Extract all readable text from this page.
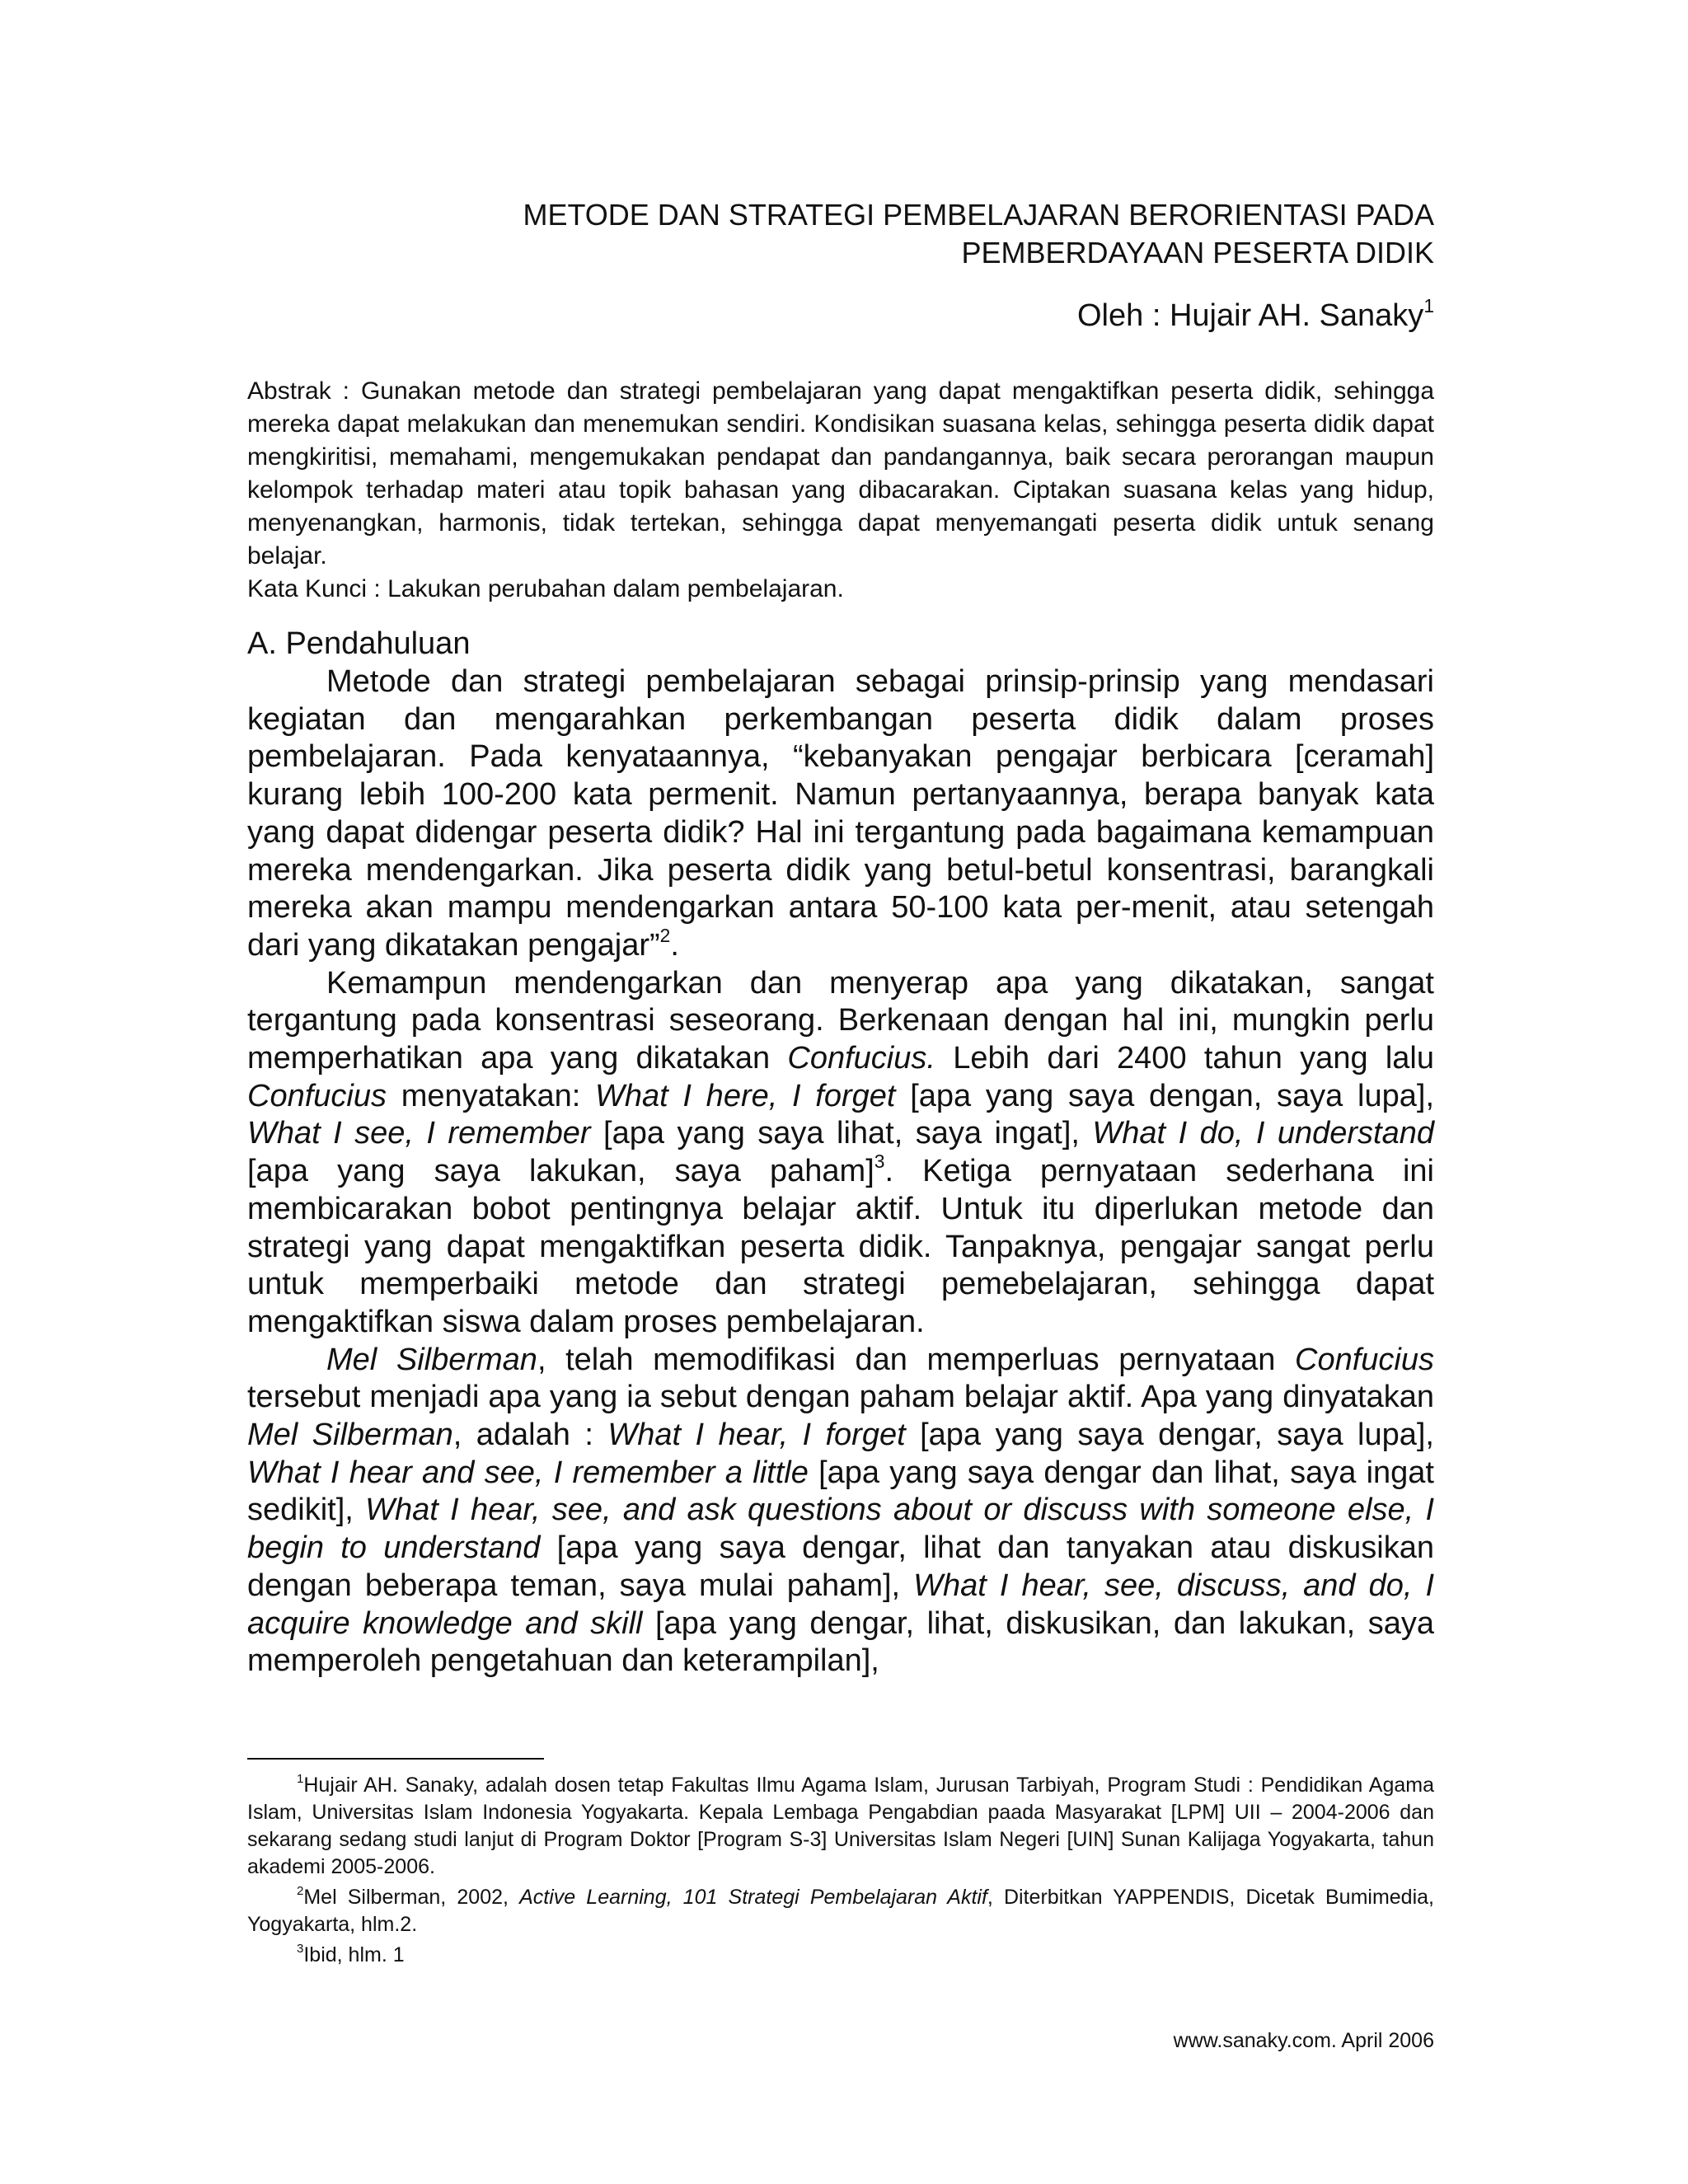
METODE DAN STRATEGI PEMBELAJARAN BERORIENTASI PADA
PEMBERDAYAAN PESERTA DIDIK
Oleh : Hujair AH. Sanaky$^1$

Abstrak : Gunakan metode dan strategi pembelajaran yang dapat mengaktifkan peserta didik, sehingga mereka dapat melakukan dan menemukan sendiri. Kondisikan suasana kelas, sehingga peserta didik dapat mengkiritisi, memahami, mengemukakan pendapat dan pandangannya, baik secara perorangan maupun kelompok terhadap materi atau topik bahasan yang dibacarakan. Ciptakan suasana kelas yang hidup, menyenangkan, harmonis, tidak tertekan, sehingga dapat menyemangati peserta didik untuk senang belajar.

Kata Kunci : Lakukan perubahan dalam pembelajaran.

A. Pendahuluan

Metode dan strategi pembelajaran sebagai prinsip-prinsip yang mendasari kegiatan dan mengarahkan perkembangan peserta didik dalam proses pembelajaran. Pada kenyataannya, “kebanyakan pengajar berbicara [ceramah] kurang lebih 100-200 kata permenit. Namun pertanyaannya, berapa banyak kata yang dapat didengar peserta didik? Hal ini tergantung pada bagaimana kemampuan mereka mendengarkan. Jika peserta didik yang betul-betul konsentrasi, barangkali mereka akan mampu mendengarkan antara 50-100 kata per-menit, atau setengah dari yang dikatakan pengajar”$^2$.

Kemampun mendengarkan dan menyerap apa yang dikatakan, sangat tergantung pada konsentrasi seseorang. Berkenaan dengan hal ini, mungkin perlu memperhatikan apa yang dikatakan Confucius. Lebih dari 2400 tahun yang lalu Confucius menyatakan: What I here, I forget [apa yang saya dengan, saya lupa], What I see, I remember [apa yang saya lihat, saya ingat], What I do, I understand [apa yang saya lakukan, saya paham]$^3$. Ketiga pernyataan sederhana ini membicarakan bobot pentingnya belajar aktif. Untuk itu diperlukan metode dan strategi yang dapat mengaktifkan peserta didik. Tanpaknya, pengajar sangat perlu untuk memperbaiki metode dan strategi pemebelajaran, sehingga dapat mengaktifkan siswa dalam proses pembelajaran.

Mel Silberman, telah memodifikasi dan memperluas pernyataan Confucius tersebut menjadi apa yang ia sebut dengan paham belajar aktif. Apa yang dinyatakan Mel Silberman, adalah : What I hear, I forget [apa yang saya dengar, saya lupa], What I hear and see, I remember a little [apa yang saya dengar dan lihat, saya ingat sedikit], What I hear, see, and ask questions about or discuss with someone else, I begin to understand [apa yang saya dengar, lihat dan tanyakan atau diskusikan dengan beberapa teman, saya mulai paham], What I hear, see, discuss, and do, I acquire knowledge and skill [apa yang dengar, lihat, diskusikan, dan lakukan, saya memperoleh pengetahuan dan keterampilan],

$^1$Hujair AH. Sanaky, adalah dosen tetap Fakultas Ilmu Agama Islam, Jurusan Tarbiyah, Program Studi : Pendidikan Agama Islam, Universitas Islam Indonesia Yogyakarta. Kepala Lembaga Pengabdian paada Masyarakat [LPM] UII – 2004-2006 dan sekarang sedang studi lanjut di Program Doktor [Program S-3] Universitas Islam Negeri [UIN] Sunan Kalijaga Yogyakarta, tahun akademi 2005-2006.

$^2$Mel Silberman, 2002, Active Learning, 101 Strategi Pembelajaran Aktif, Diterbitkan YAPPENDIS, Dicetak Bumimedia, Yogyakarta, hlm.2.

$^3$Ibid, hlm. 1

www.sanaky.com. April 2006
